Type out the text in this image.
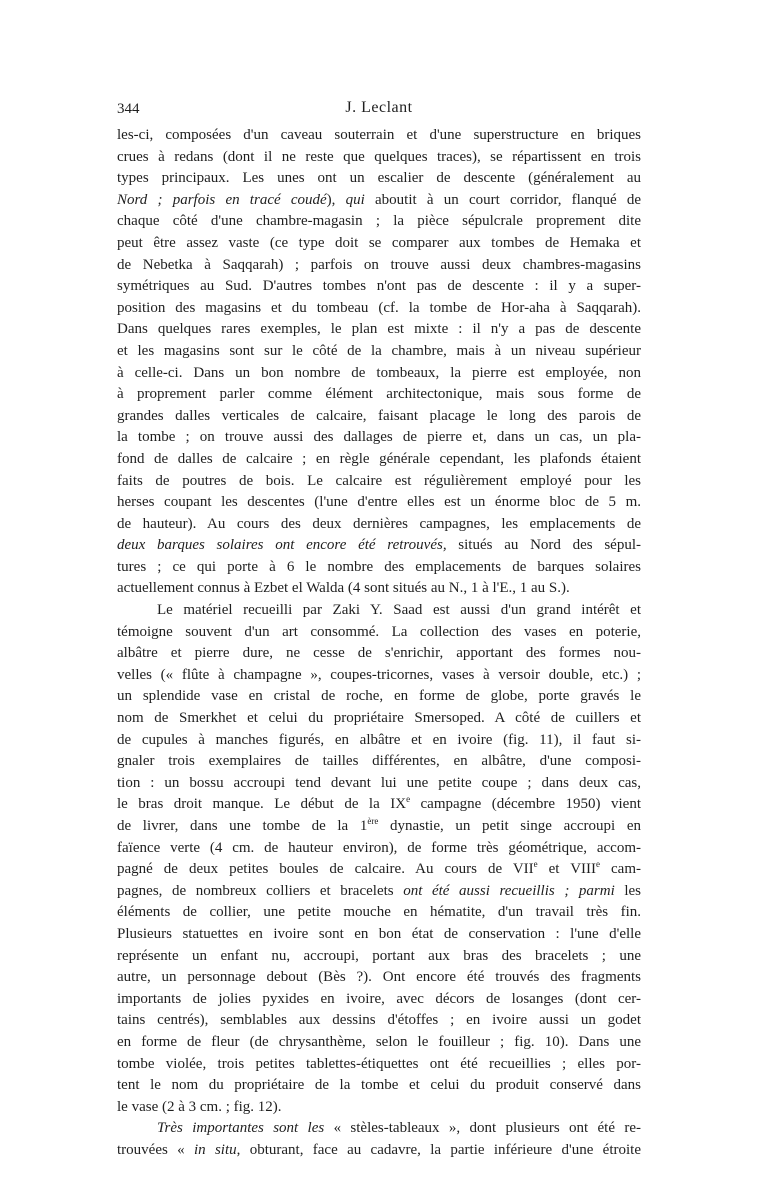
344	J. Leclant
les-ci, composées d'un caveau souterrain et d'une superstructure en briques
crues à redans (dont il ne reste que quelques traces), se répartissent en trois
types principaux. Les unes ont un escalier de descente (généralement au
Nord ; parfois en tracé coudé), qui aboutit à un court corridor, flanqué de
chaque côté d'une chambre-magasin ; la pièce sépulcrale proprement dite
peut être assez vaste (ce type doit se comparer aux tombes de Hemaka et
de Nebetka à Saqqarah) ; parfois on trouve aussi deux chambres-magasins
symétriques au Sud. D'autres tombes n'ont pas de descente : il y a super-
position des magasins et du tombeau (cf. la tombe de Hor-aha à Saqqarah).
Dans quelques rares exemples, le plan est mixte : il n'y a pas de descente
et les magasins sont sur le côté de la chambre, mais à un niveau supérieur
à celle-ci. Dans un bon nombre de tombeaux, la pierre est employée, non
à proprement parler comme élément architectonique, mais sous forme de
grandes dalles verticales de calcaire, faisant placage le long des parois de
la tombe ; on trouve aussi des dallages de pierre et, dans un cas, un pla-
fond de dalles de calcaire ; en règle générale cependant, les plafonds étaient
faits de poutres de bois. Le calcaire est régulièrement employé pour les
herses coupant les descentes (l'une d'entre elles est un énorme bloc de 5 m.
de hauteur). Au cours des deux dernières campagnes, les emplacements de
deux barques solaires ont encore été retrouvés, situés au Nord des sépul-
tures ; ce qui porte à 6 le nombre des emplacements de barques solaires
actuellement connus à Ezbet el Walda (4 sont situés au N., 1 à l'E., 1 au S.).
Le matériel recueilli par Zaki Y. Saad est aussi d'un grand intérêt et
témoigne souvent d'un art consommé. La collection des vases en poterie,
albâtre et pierre dure, ne cesse de s'enrichir, apportant des formes nou-
velles (« flûte à champagne », coupes-tricornes, vases à versoir double, etc.) ;
un splendide vase en cristal de roche, en forme de globe, porte gravés le
nom de Smerkhet et celui du propriétaire Smersoped. A côté de cuillers et
de cupules à manches figurés, en albâtre et en ivoire (fig. 11), il faut si-
gnaler trois exemplaires de tailles différentes, en albâtre, d'une composi-
tion : un bossu accroupi tend devant lui une petite coupe ; dans deux cas,
le bras droit manque. Le début de la IXe campagne (décembre 1950) vient
de livrer, dans une tombe de la 1ère dynastie, un petit singe accroupi en
faïence verte (4 cm. de hauteur environ), de forme très géométrique, accom-
pagné de deux petites boules de calcaire. Au cours de VIIe et VIIIe cam-
pagnes, de nombreux colliers et bracelets ont été aussi recueillis ; parmi les
éléments de collier, une petite mouche en hématite, d'un travail très fin.
Plusieurs statuettes en ivoire sont en bon état de conservation : l'une d'elle
représente un enfant nu, accroupi, portant aux bras des bracelets ; une
autre, un personnage debout (Bès ?). Ont encore été trouvés des fragments
importants de jolies pyxides en ivoire, avec décors de losanges (dont cer-
tains centrés), semblables aux dessins d'étoffes ; en ivoire aussi un godet
en forme de fleur (de chrysanthème, selon le fouilleur ; fig. 10). Dans une
tombe violée, trois petites tablettes-étiquettes ont été recueillies ; elles por-
tent le nom du propriétaire de la tombe et celui du produit conservé dans
le vase (2 à 3 cm. ; fig. 12).
Très importantes sont les « stèles-tableaux », dont plusieurs ont été re-
trouvées « in situ, obturant, face au cadavre, la partie inférieure d'une étroite
